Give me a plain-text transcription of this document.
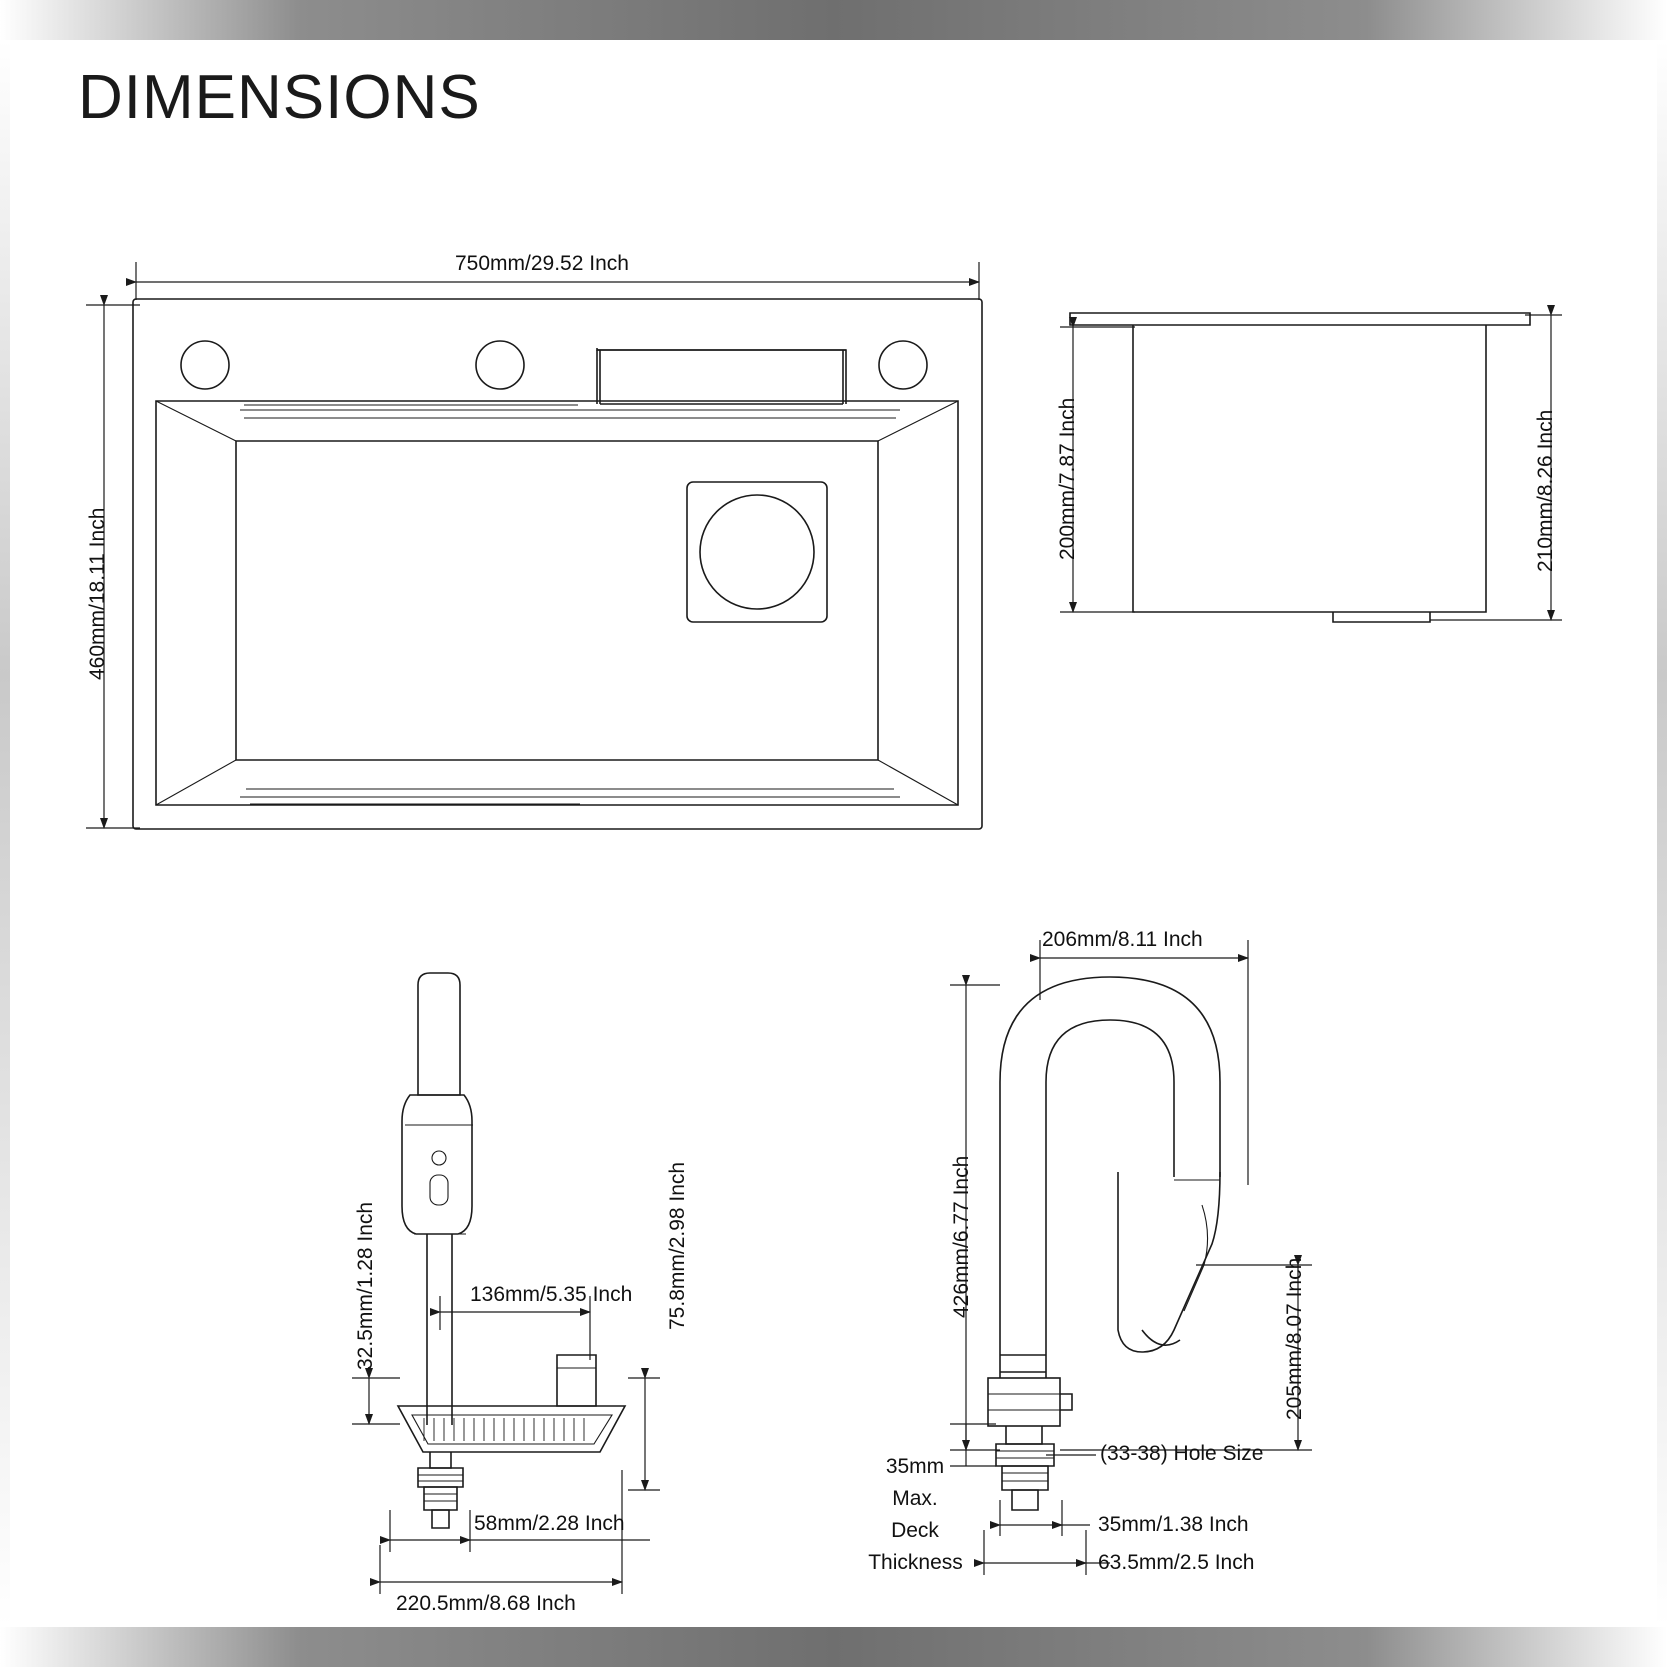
DIMENSIONS
750mm/29.52 Inch
460mm/18.11 Inch
200mm/7.87 Inch	210mm/8.26 Inch
136mm/5.35 Inch
32.5mm/1.28 Inch	75.8mm/2.98 Inch
58mm/2.28 Inch
220.5mm/8.68 Inch
206mm/8.11 Inch
426mm/6.77 Inch
205mm/8.07 Inch
(33-38) Hole Size
35mm
Max.
Deck
Thickness
35mm/1.38 Inch
63.5mm/2.5 Inch
